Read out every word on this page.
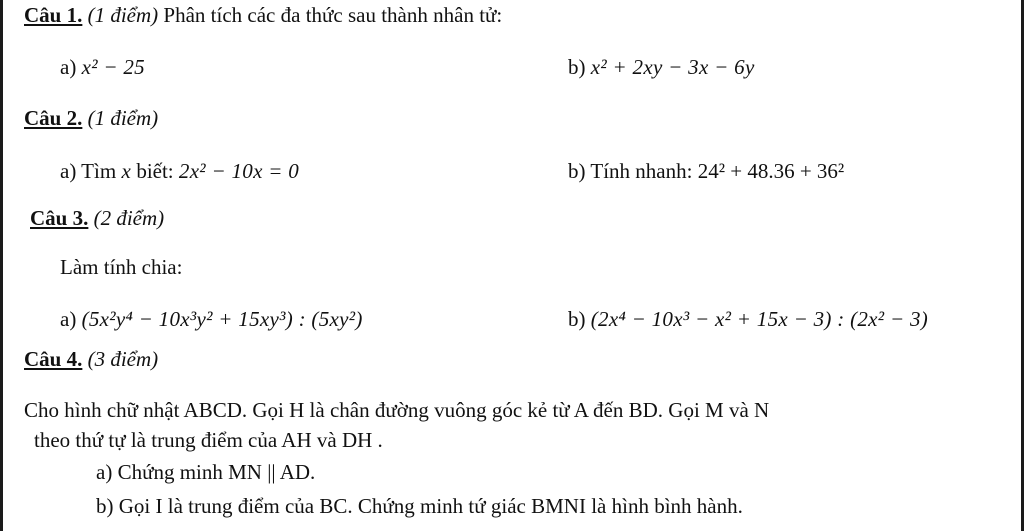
Câu 1. (1 điểm) Phân tích các đa thức sau thành nhân tử:
a) x² − 25	b) x² + 2xy − 3x − 6y
Câu 2. (1 điểm)
a) Tìm x biết: 2x² − 10x = 0	b) Tính nhanh: 24² + 48.36 + 36²
Câu 3. (2 điểm)
Làm tính chia:
a) (5x²y⁴ − 10x³y² + 15xy³) : (5xy²)	b) (2x⁴ − 10x³ − x² + 15x − 3) : (2x² − 3)
Câu 4. (3 điểm)
Cho hình chữ nhật ABCD. Gọi H là chân đường vuông góc kẻ từ A đến BD. Gọi M và N
theo thứ tự là trung điểm của AH và DH .
a) Chứng minh MN || AD.
b) Gọi I là trung điểm của BC. Chứng minh tứ giác BMNI là hình bình hành.
